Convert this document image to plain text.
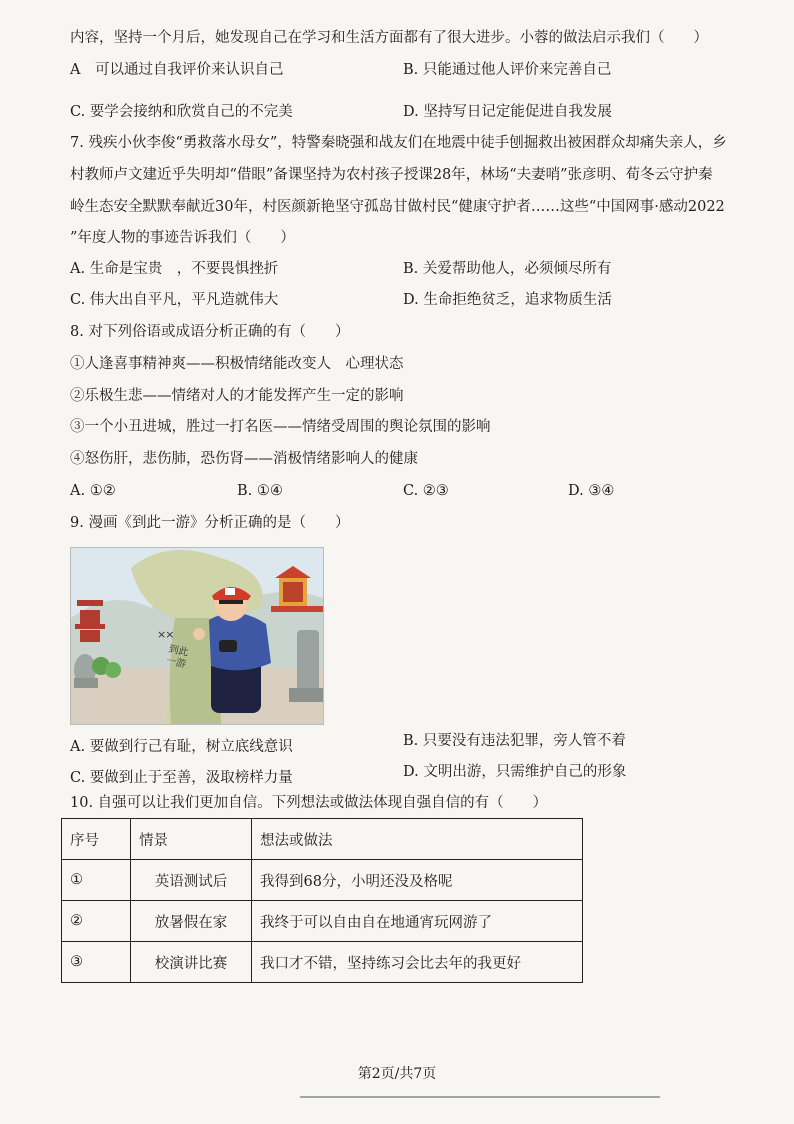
内容，坚持一个月后，她发现自己在学习和生活方面都有了很大进步。小蓉的做法启示我们（　　）
A　可以通过自我评价来认识自己	B. 只能通过他人评价来完善自己
C. 要学会接纳和欣赏自己的不完美	D. 坚持写日记定能促进自我发展
7. 残疾小伙李俊“勇救落水母女”，特警秦晓强和战友们在地震中徒手刨掘救出被困群众却痛失亲人，乡
村教师卢文建近乎失明却“借眼”备课坚持为农村孩子授课28年，林场“夫妻哨”张彦明、荀冬云守护秦
岭生态安全默默奉献近30年，村医颜新艳坚守孤岛甘做村民“健康守护者……这些“中国网事·感动2022
”年度人物的事迹告诉我们（　　）
A. 生命是宝贵　，不要畏惧挫折	B. 关爱帮助他人，必须倾尽所有
C. 伟大出自平凡，平凡造就伟大	D. 生命拒绝贫乏，追求物质生活
8. 对下列俗语或成语分析正确的有（　　）
①人逢喜事精神爽——积极情绪能改变人　心理状态
②乐极生悲——情绪对人的才能发挥产生一定的影响
③一个小丑进城，胜过一打名医——情绪受周围的舆论氛围的影响
④怒伤肝，悲伤肺，恐伤肾——消极情绪影响人的健康
A. ①②	B. ①④	C. ②③	D. ③④
9. 漫画《到此一游》分析正确的是（　　）
××
到此一游
A. 要做到行己有耻，树立底线意识	B. 只要没有违法犯罪，旁人管不着
C. 要做到止于至善，汲取榜样力量	D. 文明出游，只需维护自己的形象
10. 自强可以让我们更加自信。下列想法或做法体现自强自信的有（　　）
序号	情景	想法或做法
①	英语测试后	我得到68分，小明还没及格呢
②	放暑假在家	我终于可以自由自在地通宵玩网游了
③	校演讲比赛	我口才不错，坚持练习会比去年的我更好
第2页/共7页
